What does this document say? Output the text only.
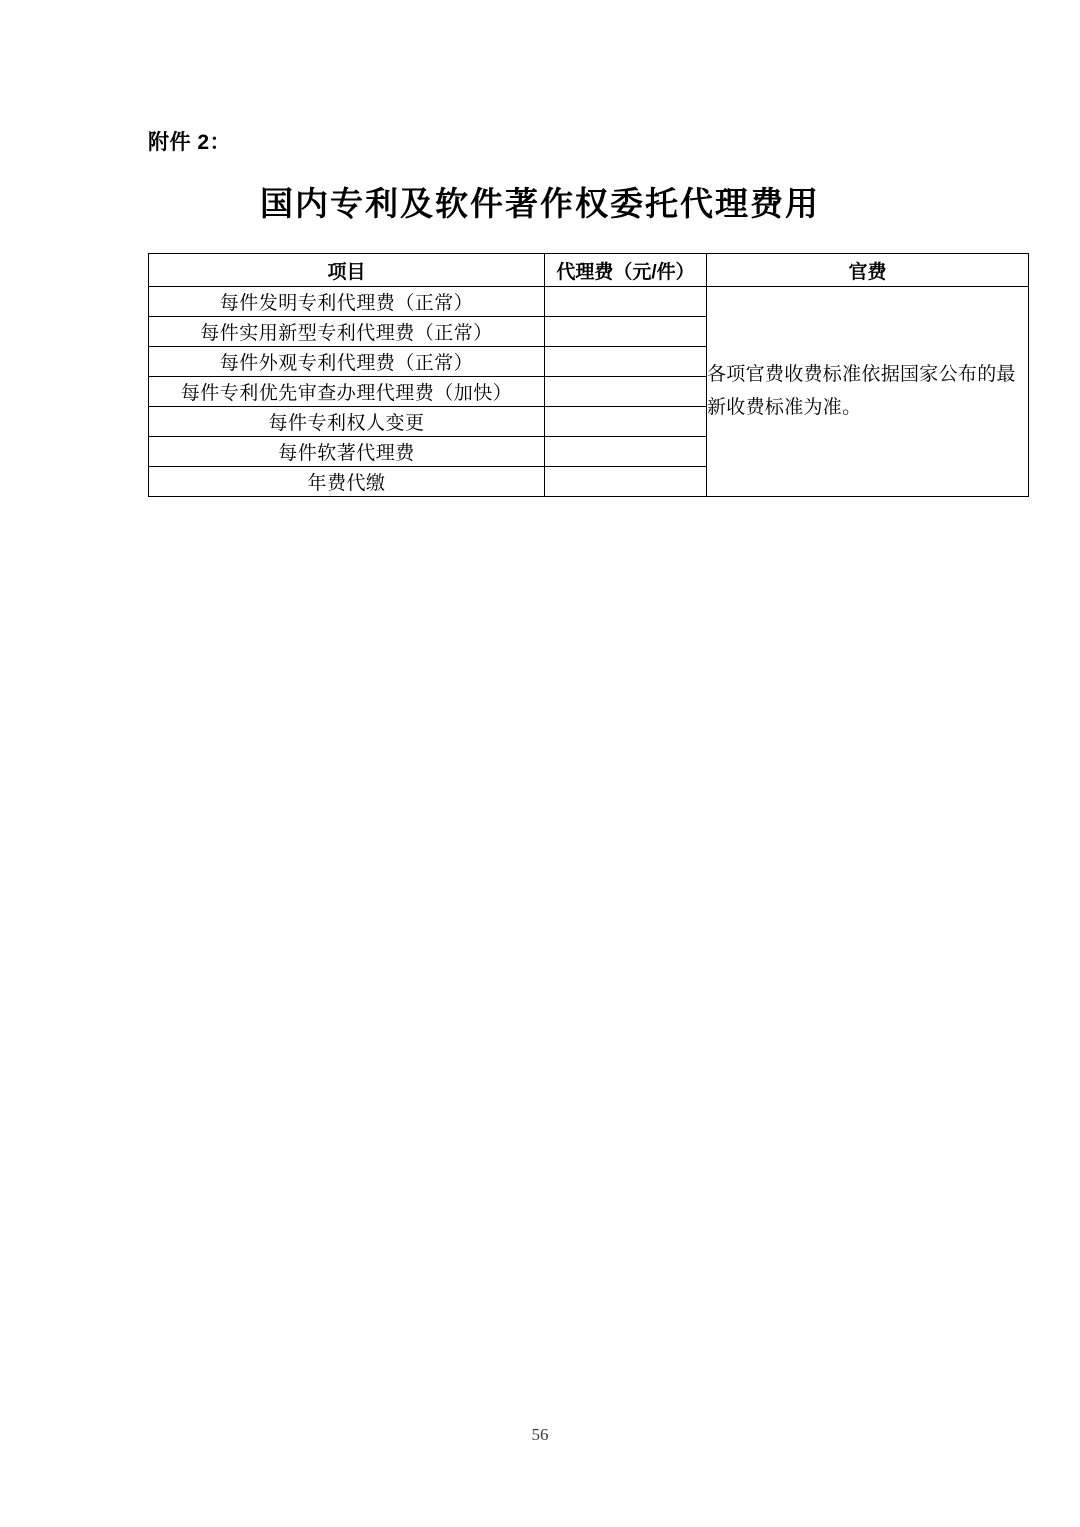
附件 2：
国内专利及软件著作权委托代理费用
项目	代理费（元/件）	官费
每件发明专利代理费（正常）		各项官费收费标准依据国家公布的最新收费标准为准。
每件实用新型专利代理费（正常）		
每件外观专利代理费（正常）		
每件专利优先审查办理代理费（加快）		
每件专利权人变更		
每件软著代理费		
年费代缴		
56
